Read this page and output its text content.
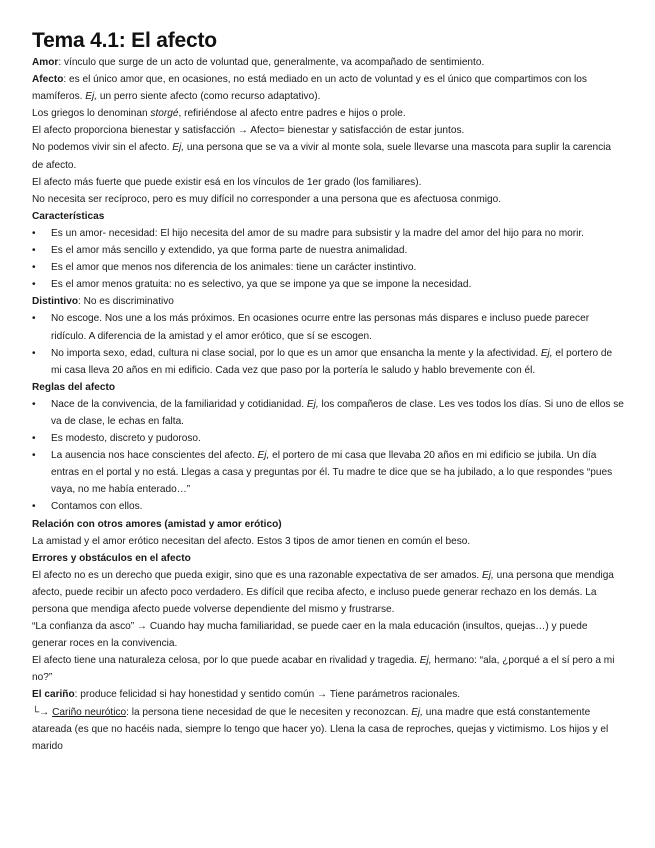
Tema 4.1: El afecto

Amor: vínculo que surge de un acto de voluntad que, generalmente, va acompañado de sentimiento.

Afecto: es el único amor que, en ocasiones, no está mediado en un acto de voluntad y es el único que compartimos con los mamíferos. Ej, un perro siente afecto (como recurso adaptativo).

Los griegos lo denominan storgé, refiriéndose al afecto entre padres e hijos o prole.

El afecto proporciona bienestar y satisfacción → Afecto= bienestar y satisfacción de estar juntos.

No podemos vivir sin el afecto. Ej, una persona que se va a vivir al monte sola, suele llevarse una mascota para suplir la carencia de afecto.

El afecto más fuerte que puede existir esá en los vínculos de 1er grado (los familiares).

No necesita ser recíproco, pero es muy difícil no corresponder a una persona que es afectuosa conmigo.

Características

• Es un amor- necesidad: El hijo necesita del amor de su madre para subsistir y la madre del amor del hijo para no morir.
• Es el amor más sencillo y extendido, ya que forma parte de nuestra animalidad.
• Es el amor que menos nos diferencia de los animales: tiene un carácter instintivo.
• Es el amor menos gratuita: no es selectivo, ya que se impone ya que se impone la necesidad.

Distintivo: No es discriminativo

• No escoge. Nos une a los más próximos. En ocasiones ocurre entre las personas más dispares e incluso puede parecer ridículo. A diferencia de la amistad y el amor erótico, que sí se escogen.
• No importa sexo, edad, cultura ni clase social, por lo que es un amor que ensancha la mente y la afectividad. Ej, el portero de mi casa lleva 20 años en mi edificio. Cada vez que paso por la portería le saludo y hablo brevemente con él.

Reglas del afecto

• Nace de la convivencia, de la familiaridad y cotidianidad. Ej, los compañeros de clase. Les ves todos los días. Si uno de ellos se va de clase, le echas en falta.
• Es modesto, discreto y pudoroso.
• La ausencia nos hace conscientes del afecto. Ej, el portero de mi casa que llevaba 20 años en mi edificio se jubila. Un día entras en el portal y no está. Llegas a casa y preguntas por él. Tu madre te dice que se ha jubilado, a lo que respondes “pues vaya, no me había enterado…”
• Contamos con ellos.

Relación con otros amores (amistad y amor erótico)

La amistad y el amor erótico necesitan del afecto. Estos 3 tipos de amor tienen en común el beso.

Errores y obstáculos en el afecto

El afecto no es un derecho que pueda exigir, sino que es una razonable expectativa de ser amados. Ej, una persona que mendiga afecto, puede recibir un afecto poco verdadero. Es difícil que reciba afecto, e incluso puede generar rechazo en los demás. La persona que mendiga afecto puede volverse dependiente del mismo y frustrarse.

“La confianza da asco” → Cuando hay mucha familiaridad, se puede caer en la mala educación (insultos, quejas…) y puede generar roces en la convivencia.

El afecto tiene una naturaleza celosa, por lo que puede acabar en rivalidad y tragedia. Ej, hermano: “ala, ¿porqué a el sí pero a mi no?”

El cariño: produce felicidad si hay honestidad y sentido común → Tiene parámetros racionales.

└→ Cariño neurótico: la persona tiene necesidad de que le necesiten y reconozcan. Ej, una madre que está constantemente atareada (es que no hacéis nada, siempre lo tengo que hacer yo). Llena la casa de reproches, quejas y victimismo. Los hijos y el marido
